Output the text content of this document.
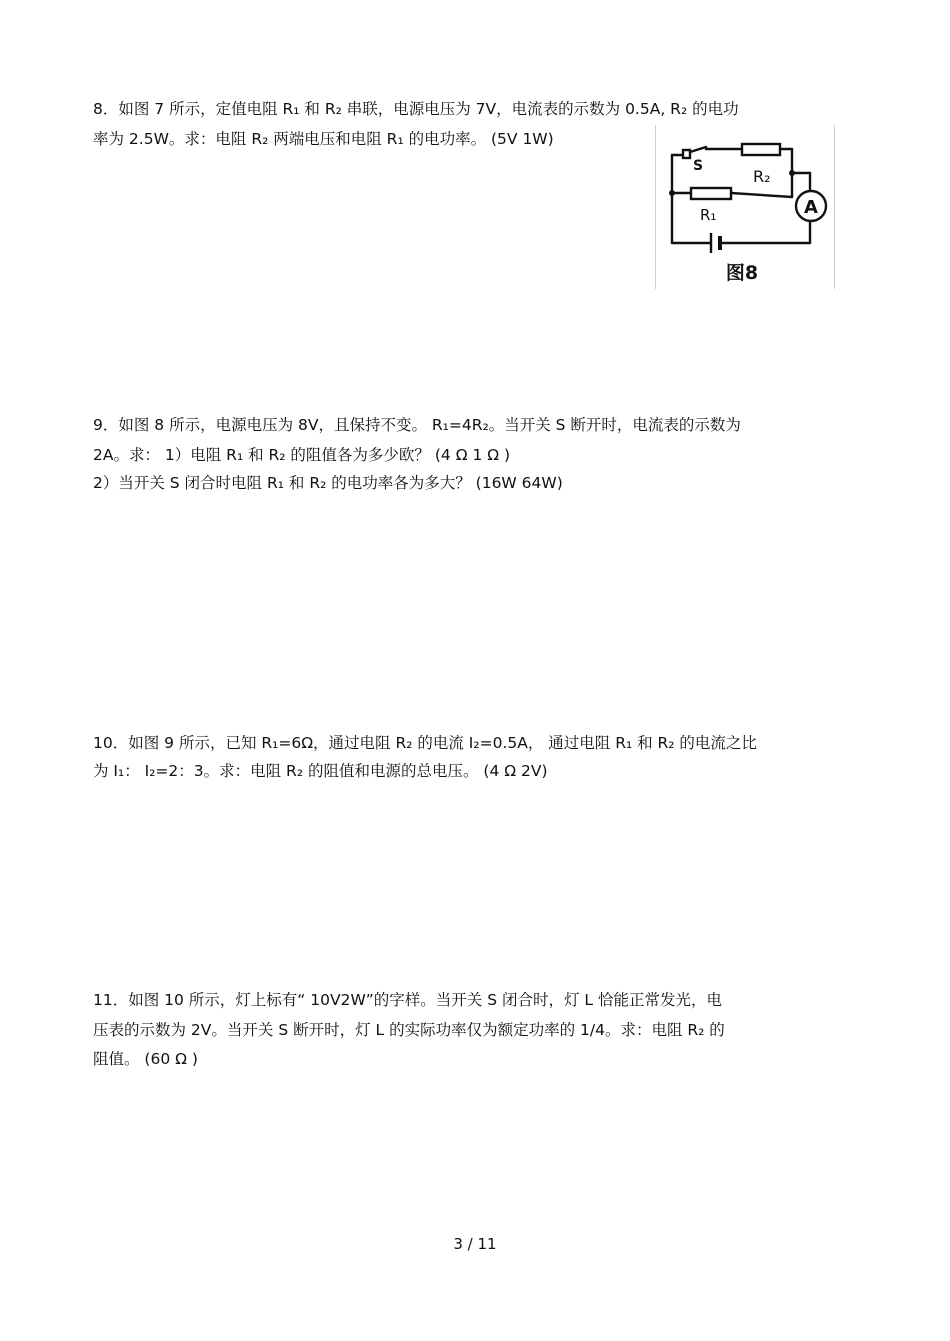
8．如图 7 所示，定值电阻 R₁ 和 R₂ 串联，电源电压为 7V，电流表的示数为 0.5A, R₂ 的电功
率为 2.5W。求：电阻 R₂ 两端电压和电阻 R₁ 的电功率。 (5V 1W)
S
R₂
R₁	A
图8
9．如图 8 所示，电源电压为 8V，且保持不变。 R₁=4R₂。当开关 S 断开时，电流表的示数为
2A。求： 1）电阻 R₁ 和 R₂ 的阻值各为多少欧？ (4 Ω 1 Ω )
2）当开关 S 闭合时电阻 R₁ 和 R₂ 的电功率各为多大？ (16W 64W)
10．如图 9 所示，已知 R₁=6Ω，通过电阻 R₂ 的电流 I₂=0.5A， 通过电阻 R₁ 和 R₂ 的电流之比
为 I₁： I₂=2：3。求：电阻 R₂ 的阻值和电源的总电压。 (4 Ω 2V)
11．如图 10 所示，灯上标有“ 10V2W”的字样。当开关 S 闭合时，灯 L 恰能正常发光，电
压表的示数为 2V。当开关 S 断开时，灯 L 的实际功率仅为额定功率的 1/4。求：电阻 R₂ 的
阻值。 (60 Ω )
3 / 11
